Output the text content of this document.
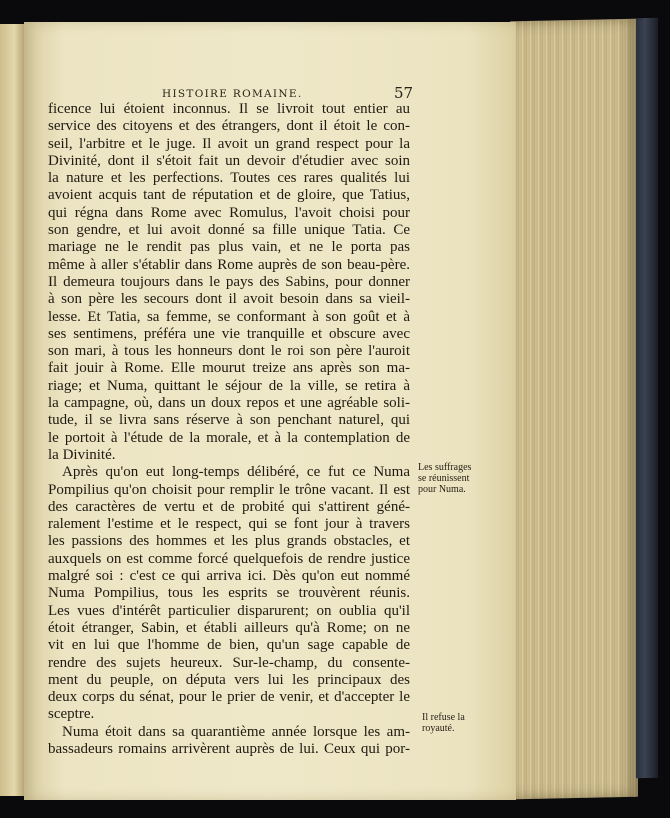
HISTOIRE ROMAINE.	57
ficence lui étoient inconnus. Il se livroit tout entier au
service des citoyens et des étrangers, dont il étoit le con-
seil, l'arbitre et le juge. Il avoit un grand respect pour la
Divinité, dont il s'étoit fait un devoir d'étudier avec soin
la nature et les perfections. Toutes ces rares qualités lui
avoient acquis tant de réputation et de gloire, que Tatius,
qui régna dans Rome avec Romulus, l'avoit choisi pour
son gendre, et lui avoit donné sa fille unique Tatia. Ce
mariage ne le rendit pas plus vain, et ne le porta pas
même à aller s'établir dans Rome auprès de son beau-père.
Il demeura toujours dans le pays des Sabins, pour donner
à son père les secours dont il avoit besoin dans sa vieil-
lesse. Et Tatia, sa femme, se conformant à son goût et à
ses sentimens, préféra une vie tranquille et obscure avec
son mari, à tous les honneurs dont le roi son père l'auroit
fait jouir à Rome. Elle mourut treize ans après son ma-
riage; et Numa, quittant le séjour de la ville, se retira à
la campagne, où, dans un doux repos et une agréable soli-
tude, il se livra sans réserve à son penchant naturel, qui
le portoit à l'étude de la morale, et à la contemplation de
la Divinité.
Après qu'on eut long-temps délibéré, ce fut ce Numa
Pompilius qu'on choisit pour remplir le trône vacant. Il est
des caractères de vertu et de probité qui s'attirent géné-
ralement l'estime et le respect, qui se font jour à travers
les passions des hommes et les plus grands obstacles, et
auxquels on est comme forcé quelquefois de rendre justice
malgré soi : c'est ce qui arriva ici. Dès qu'on eut nommé
Numa Pompilius, tous les esprits se trouvèrent réunis.
Les vues d'intérêt particulier disparurent; on oublia qu'il
étoit étranger, Sabin, et établi ailleurs qu'à Rome; on ne
vit en lui que l'homme de bien, qu'un sage capable de
rendre des sujets heureux. Sur-le-champ, du consente-
ment du peuple, on députa vers lui les principaux des
deux corps du sénat, pour le prier de venir, et d'accepter le
sceptre.
Numa étoit dans sa quarantième année lorsque les am-
bassadeurs romains arrivèrent auprès de lui. Ceux qui por-
Les suffrages
se réunissent
pour Numa.
Il refuse la
royauté.
